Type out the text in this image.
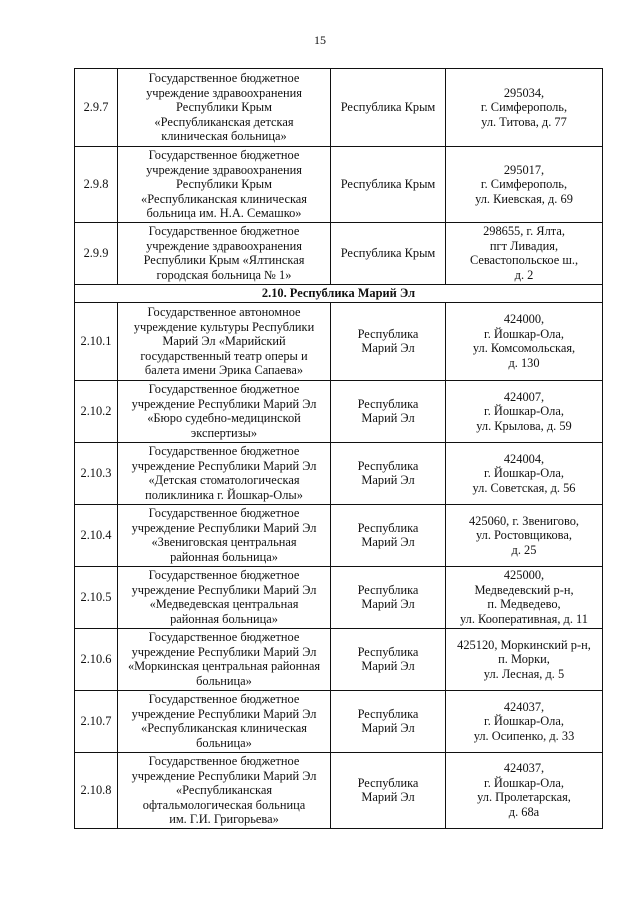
15
2.9.7	Государственное бюджетное
учреждение здравоохранения
Республики Крым
«Республиканская детская
клиническая больница»	Республика Крым	295034,
г. Симферополь,
ул. Титова, д. 77

2.9.8	Государственное бюджетное
учреждение здравоохранения
Республики Крым
«Республиканская клиническая
больница им. Н.А. Семашко»	Республика Крым	295017,
г. Симферополь,
ул. Киевская, д. 69

2.9.9	Государственное бюджетное
учреждение здравоохранения
Республики Крым «Ялтинская
городская больница № 1»	Республика Крым	298655, г. Ялта,
пгт Ливадия,
Севастопольское ш.,
д. 2

2.10. Республика Марий Эл			
2.10.1	Государственное автономное
учреждение культуры Республики
Марий Эл «Марийский
государственный театр оперы и
балета имени Эрика Сапаева»	Республика
Марий Эл	424000,
г. Йошкар-Ола,
ул. Комсомольская,
д. 130

2.10.2	Государственное бюджетное
учреждение Республики Марий Эл
«Бюро судебно-медицинской
экспертизы»	Республика
Марий Эл	424007,
г. Йошкар-Ола,
ул. Крылова, д. 59

2.10.3	Государственное бюджетное
учреждение Республики Марий Эл
«Детская стоматологическая
поликлиника г. Йошкар-Олы»	Республика
Марий Эл	424004,
г. Йошкар-Ола,
ул. Советская, д. 56

2.10.4	Государственное бюджетное
учреждение Республики Марий Эл
«Звениговская центральная
районная больница»	Республика
Марий Эл	425060, г. Звенигово,
ул. Ростовщикова,
д. 25

2.10.5	Государственное бюджетное
учреждение Республики Марий Эл
«Медведевская центральная
районная больница»	Республика
Марий Эл	425000,
Медведевский р-н,
п. Медведево,
ул. Кооперативная, д. 11

2.10.6	Государственное бюджетное
учреждение Республики Марий Эл
«Моркинская центральная районная
больница»	Республика
Марий Эл	425120, Моркинский р-н,
п. Морки,
ул. Лесная, д. 5

2.10.7	Государственное бюджетное
учреждение Республики Марий Эл
«Республиканская клиническая
больница»	Республика
Марий Эл	424037,
г. Йошкар-Ола,
ул. Осипенко, д. 33

2.10.8	Государственное бюджетное
учреждение Республики Марий Эл
«Республиканская
офтальмологическая больница
им. Г.И. Григорьева»	Республика
Марий Эл	424037,
г. Йошкар-Ола,
ул. Пролетарская,
д. 68а
